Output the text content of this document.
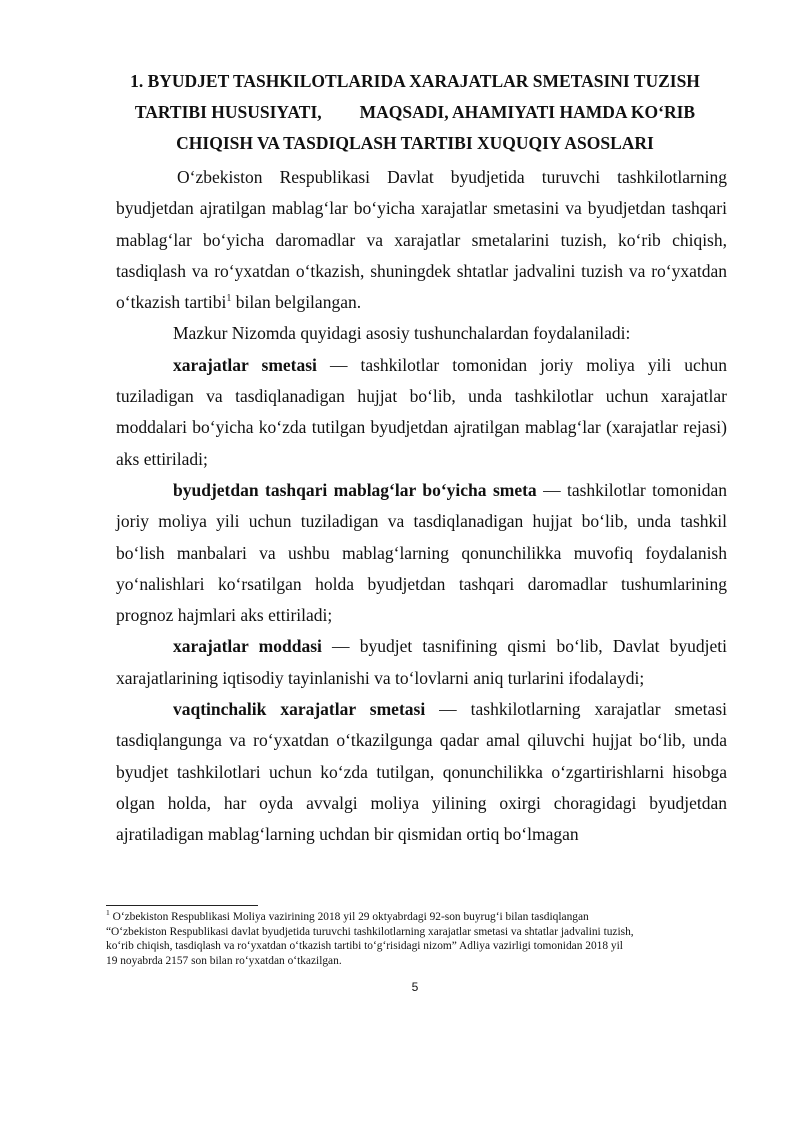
1. BYUDJET TASHKILOTLARIDA XARAJATLAR SMETASINI TUZISH
TARTIBI HUSUSIYATI, MAQSADI, AHAMIYATI HAMDA KO‘RIB
CHIQISH VA TASDIQLASH TARTIBI XUQUQIY ASOSLARI

O‘zbekiston Respublikasi Davlat byudjetida turuvchi tashkilotlarning byudjetdan ajratilgan mablag‘lar bo‘yicha xarajatlar smetasini va byudjetdan tashqari mablag‘lar bo‘yicha daromadlar va xarajatlar smetalarini tuzish, ko‘rib chiqish, tasdiqlash va ro‘yxatdan o‘tkazish, shuningdek shtatlar jadvalini tuzish va ro‘yxatdan o‘tkazish tartibi$^1$ bilan belgilangan.

Mazkur Nizomda quyidagi asosiy tushunchalardan foydalaniladi:

xarajatlar smetasi — tashkilotlar tomonidan joriy moliya yili uchun tuziladigan va tasdiqlanadigan hujjat bo‘lib, unda tashkilotlar uchun xarajatlar moddalari bo‘yicha ko‘zda tutilgan byudjetdan ajratilgan mablag‘lar (xarajatlar rejasi) aks ettiriladi;

byudjetdan tashqari mablag‘lar bo‘yicha smeta — tashkilotlar tomonidan joriy moliya yili uchun tuziladigan va tasdiqlanadigan hujjat bo‘lib, unda tashkil bo‘lish manbalari va ushbu mablag‘larning qonunchilikka muvofiq foydalanish yo‘nalishlari ko‘rsatilgan holda byudjetdan tashqari daromadlar tushumlarining prognoz hajmlari aks ettiriladi;

xarajatlar moddasi — byudjet tasnifining qismi bo‘lib, Davlat byudjeti xarajatlarining iqtisodiy tayinlanishi va to‘lovlarni aniq turlarini ifodalaydi;

vaqtinchalik xarajatlar smetasi — tashkilotlarning xarajatlar smetasi tasdiqlangunga va ro‘yxatdan o‘tkazilgunga qadar amal qiluvchi hujjat bo‘lib, unda byudjet tashkilotlari uchun ko‘zda tutilgan, qonunchilikka o‘zgartirishlarni hisobga olgan holda, har oyda avvalgi moliya yilining oxirgi choragidagi byudjetdan ajratiladigan mablag‘larning uchdan bir qismidan ortiq bo‘lmagan

$^1$ O‘zbekiston Respublikasi Moliya vazirining 2018 yil 29 oktyabrdagi 92-son buyrug‘i bilan tasdiqlangan
“O‘zbekiston Respublikasi davlat byudjetida turuvchi tashkilotlarning xarajatlar smetasi va shtatlar jadvalini tuzish,
ko‘rib chiqish, tasdiqlash va ro‘yxatdan o‘tkazish tartibi to‘g‘risidagi nizom” Adliya vazirligi tomonidan 2018 yil
19 noyabrda 2157 son bilan ro‘yxatdan o‘tkazilgan.
5
